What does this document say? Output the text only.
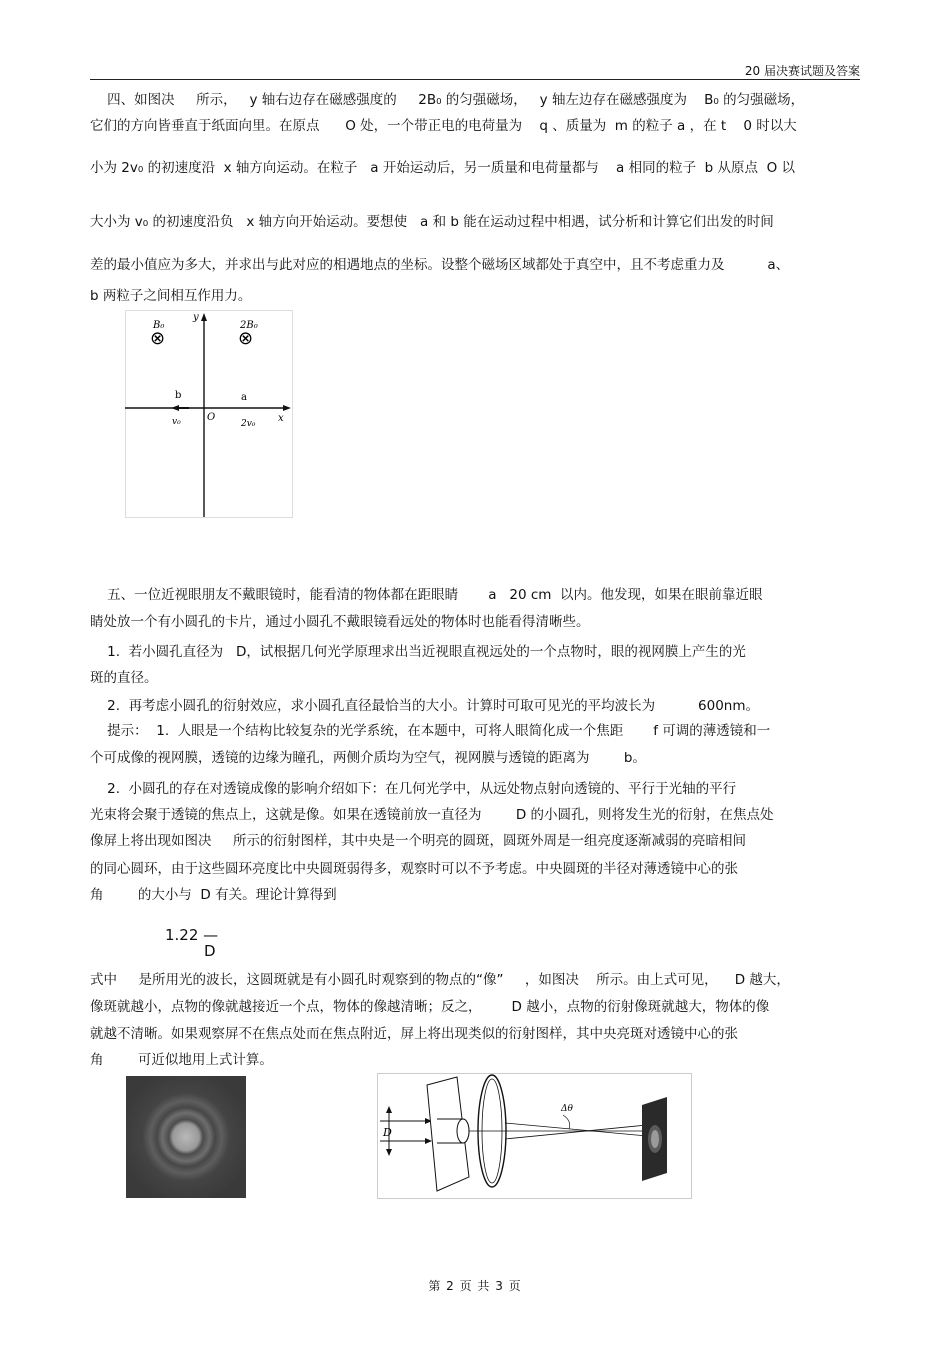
20 届决赛试题及答案
四、如图决     所示，   y 轴右边存在磁感强度的     2B₀ 的匀强磁场，   y 轴左边存在磁感强度为    B₀ 的匀强磁场，
它们的方向皆垂直于纸面向里。在原点      O 处，一个带正电的电荷量为    q 、质量为  m 的粒子 a ，在 t    0 时以大
小为 2v₀ 的初速度沿  x 轴方向运动。在粒子   a 开始运动后，另一质量和电荷量都与    a 相同的粒子  b 从原点  O 以
大小为 v₀ 的初速度沿负   x 轴方向开始运动。要想使   a 和 b 能在运动过程中相遇，试分析和计算它们出发的时间
差的最小值应为多大，并求出与此对应的相遇地点的坐标。设整个磁场区域都处于真空中，且不考虑重力及          a、
b 两粒子之间相互作用力。
y
x
O
B₀	2B₀
⊗	⊗
b
v₀
a
2v₀
五、一位近视眼朋友不戴眼镜时，能看清的物体都在距眼睛       a   20 cm  以内。他发现，如果在眼前靠近眼
睛处放一个有小圆孔的卡片，通过小圆孔不戴眼镜看远处的物体时也能看得清晰些。
1.  若小圆孔直径为   D，试根据几何光学原理求出当近视眼直视远处的一个点物时，眼的视网膜上产生的光
斑的直径。
2.  再考虑小圆孔的衍射效应，求小圆孔直径最恰当的大小。计算时可取可见光的平均波长为          600nm。
提示：  1.  人眼是一个结构比较复杂的光学系统，在本题中，可将人眼简化成一个焦距       f 可调的薄透镜和一
个可成像的视网膜，透镜的边缘为瞳孔，两侧介质均为空气，视网膜与透镜的距离为        b。
2.  小圆孔的存在对透镜成像的影响介绍如下：在几何光学中，从远处物点射向透镜的、平行于光轴的平行
光束将会聚于透镜的焦点上，这就是像。如果在透镜前放一直径为        D 的小圆孔，则将发生光的衍射，在焦点处
像屏上将出现如图决     所示的衍射图样，其中央是一个明亮的圆斑，圆斑外周是一组亮度逐渐减弱的亮暗相间
的同心圆环，由于这些圆环亮度比中央圆斑弱得多，观察时可以不予考虑。中央圆斑的半径对薄透镜中心的张
角        的大小与  D 有关。理论计算得到
1.22 —
D
式中     是所用光的波长，这圆斑就是有小圆孔时观察到的物点的“像”     ，如图决    所示。由上式可见，    D 越大，
像斑就越小，点物的像就越接近一个点，物体的像越清晰；反之，       D 越小，点物的衍射像斑就越大，物体的像
就越不清晰。如果观察屏不在焦点处而在焦点附近，屏上将出现类似的衍射图样，其中央亮斑对透镜中心的张
角        可近似地用上式计算。
D
Δθ
第 2 页 共 3 页
